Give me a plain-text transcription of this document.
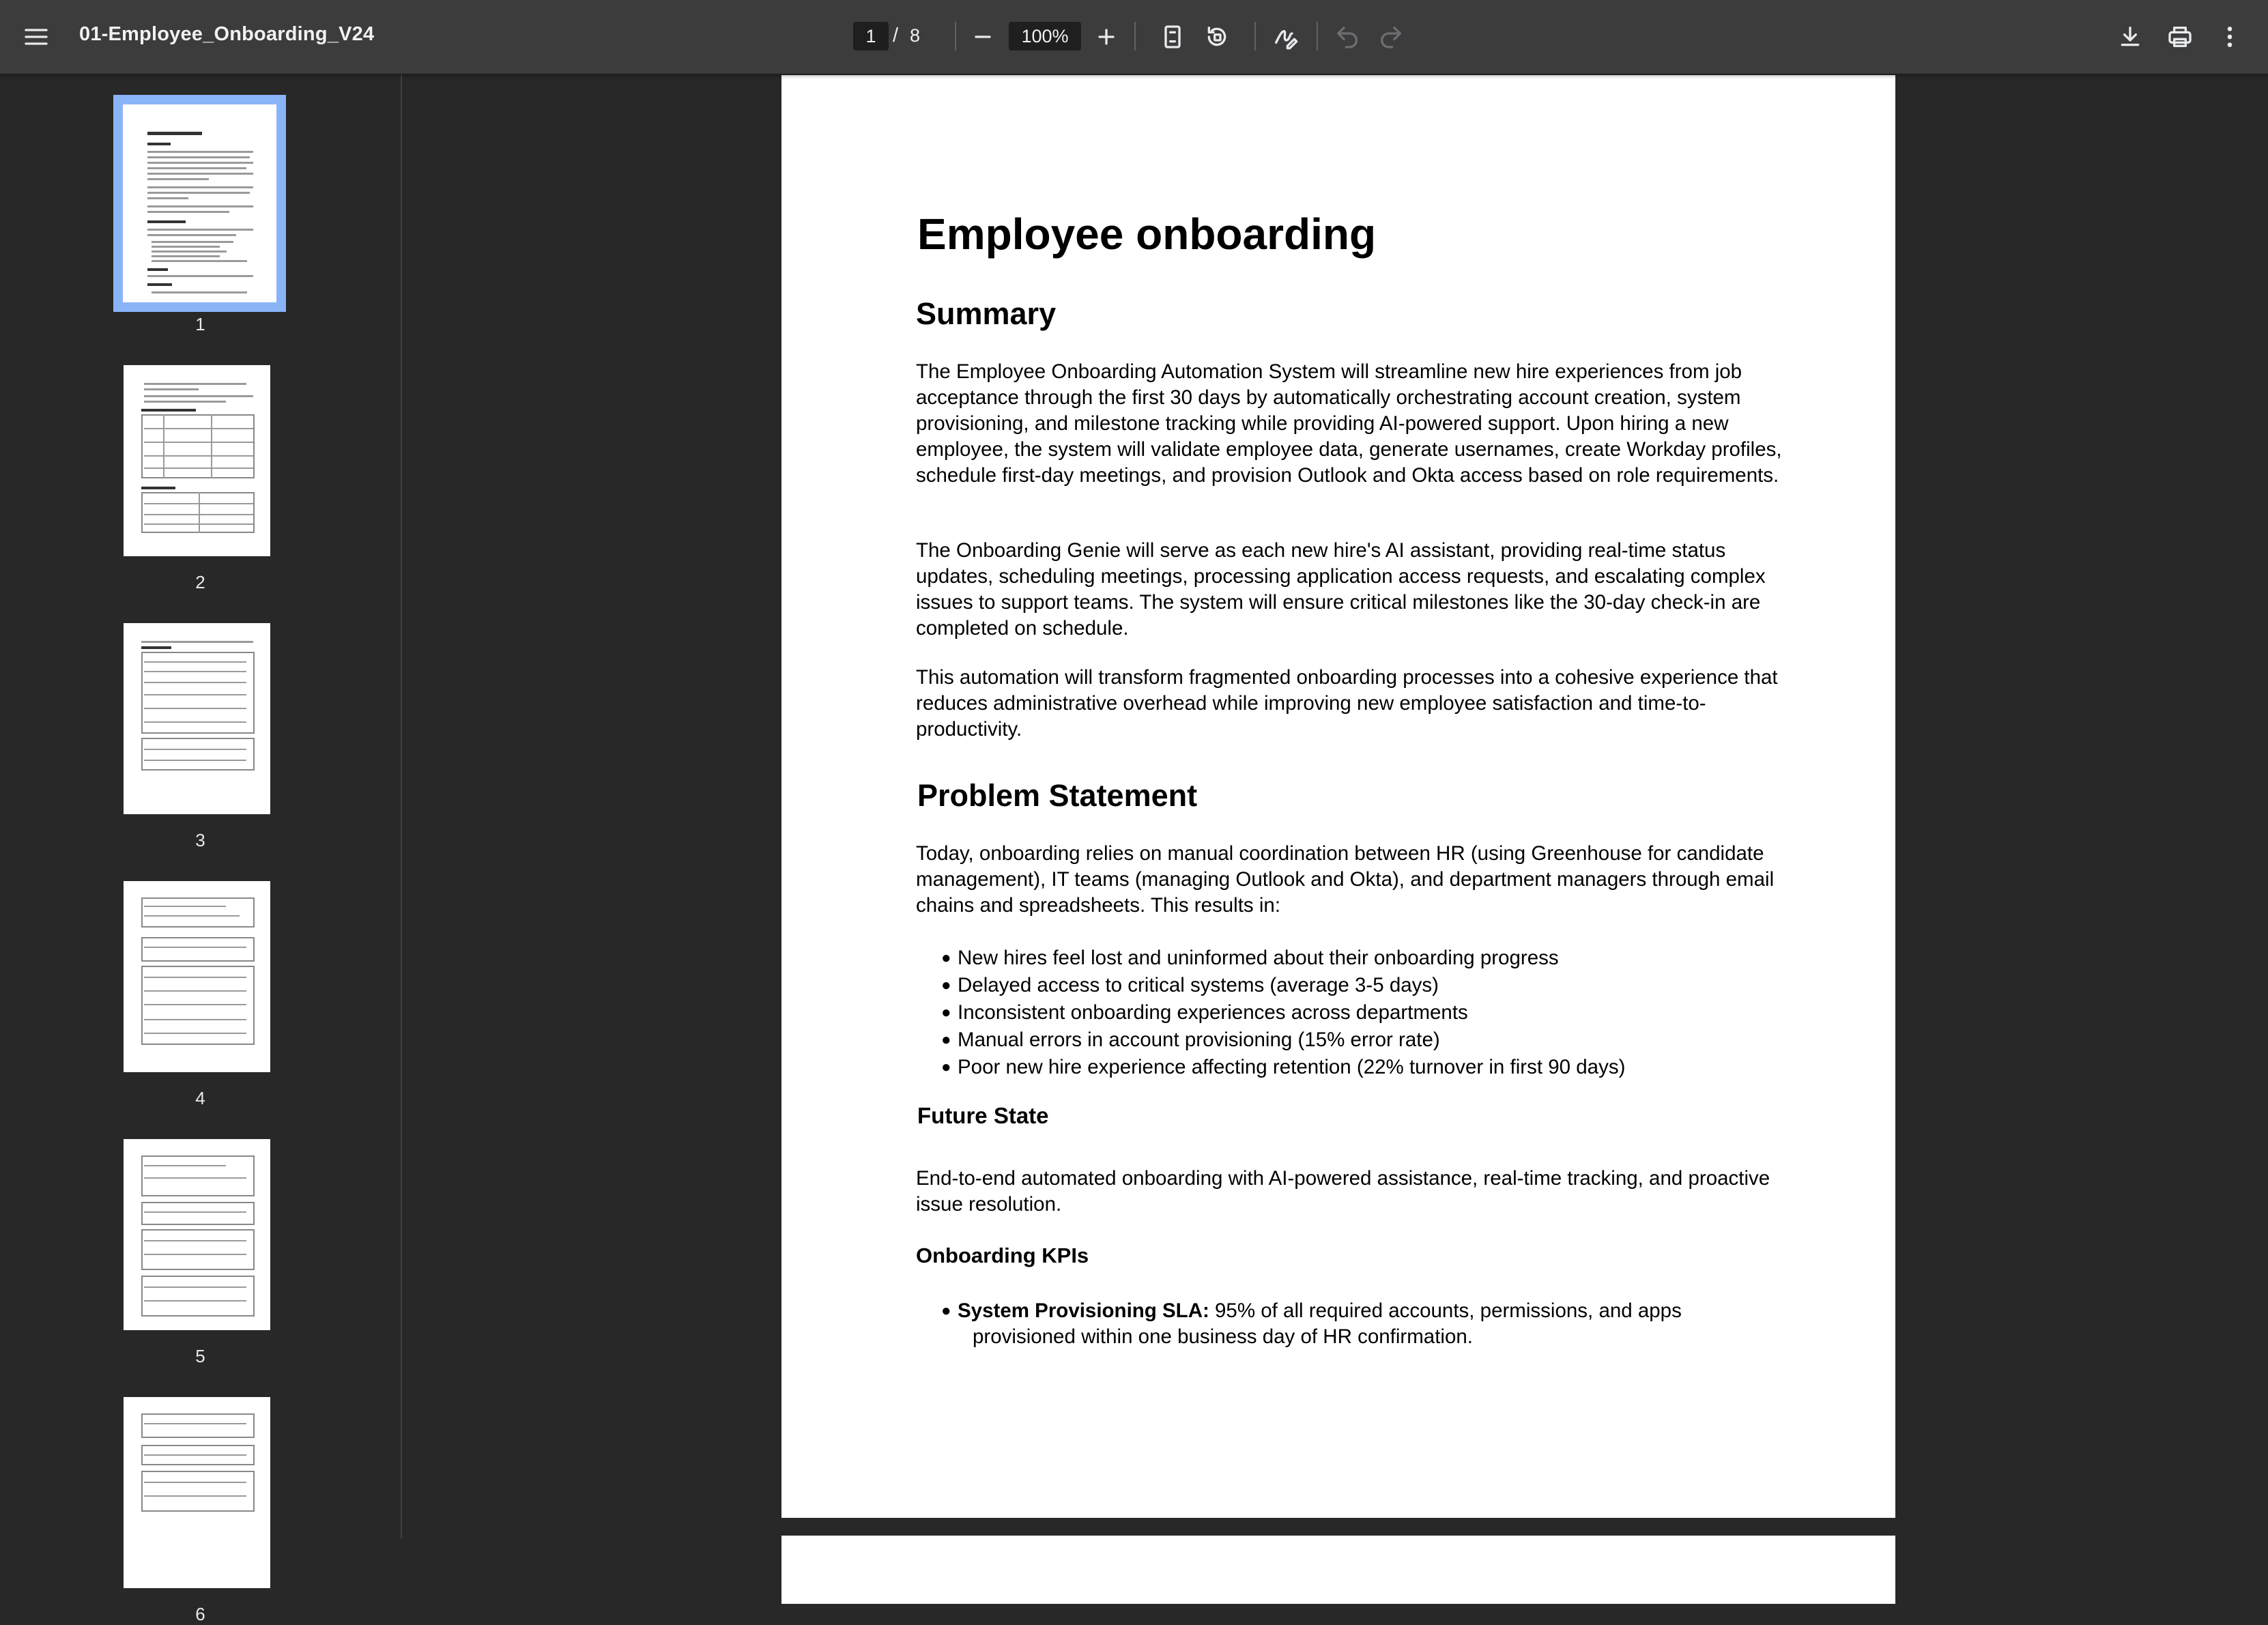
01-Employee_Onboarding_V24
1	/ 8
100%
1
2
3
4
5
6
Employee onboarding
Summary

The Employee Onboarding Automation System will streamline new hire experiences from job acceptance through the first 30 days by automatically orchestrating account creation, system provisioning, and milestone tracking while providing AI-powered support. Upon hiring a new employee, the system will validate employee data, generate usernames, create Workday profiles, schedule first-day meetings, and provision Outlook and Okta access based on role requirements.

The Onboarding Genie will serve as each new hire's AI assistant, providing real-time status updates, scheduling meetings, processing application access requests, and escalating complex issues to support teams. The system will ensure critical milestones like the 30-day check-in are completed on schedule.

This automation will transform fragmented onboarding processes into a cohesive experience that reduces administrative overhead while improving new employee satisfaction and time-to-productivity.

Problem Statement

Today, onboarding relies on manual coordination between HR (using Greenhouse for candidate management), IT teams (managing Outlook and Okta), and department managers through email chains and spreadsheets. This results in:

● New hires feel lost and uninformed about their onboarding progress
● Delayed access to critical systems (average 3-5 days)
● Inconsistent onboarding experiences across departments
● Manual errors in account provisioning (15% error rate)
● Poor new hire experience affecting retention (22% turnover in first 90 days)
Future State

End-to-end automated onboarding with AI-powered assistance, real-time tracking, and proactive issue resolution.

Onboarding KPIs
● System Provisioning SLA: 95% of all required accounts, permissions, and apps
provisioned within one business day of HR confirmation.
